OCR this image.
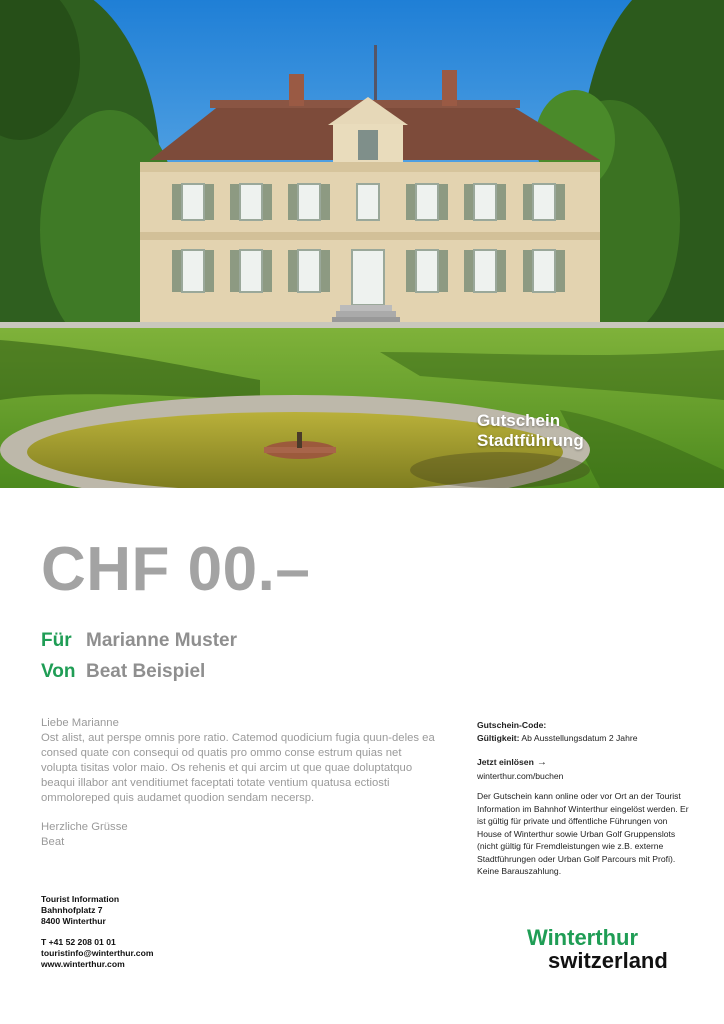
Gutschein
Stadtführung
CHF 00.–
Für Marianne Muster
Von Beat Beispiel

Liebe Marianne

Ost alist, aut perspe omnis pore ratio. Catemod quodicium fugia quun-deles ea consed quate con consequi od quatis pro ommo conse estrum quias net volupta tisitas volor maio. Os rehenis et qui arcim ut que quae doluptatquo beaqui illabor ant venditiumet faceptati totate ventium quatusa ectiosti ommoloreped quis audamet quodion sendam necersp.

Herzliche Grüsse

Beat

Gutschein-Code:
Gültigkeit: Ab Ausstellungsdatum 2 Jahre
Jetzt einlösen →
winterthur.com/buchen
Der Gutschein kann online oder vor Ort an der Tourist Information im Bahnhof Winterthur eingelöst werden. Er ist gültig für private und öffentliche Führungen von House of Winterthur sowie Urban Golf Gruppenslots (nicht gültig für Fremdleistungen wie z.B. externe Stadtführungen oder Urban Golf Parcours mit Profi). Keine Barauszahlung.
Tourist Information
Bahnhofplatz 7
8400 Winterthur
T +41 52 208 01 01
touristinfo@winterthur.com
www.winterthur.com
Winterthur
switzerland
